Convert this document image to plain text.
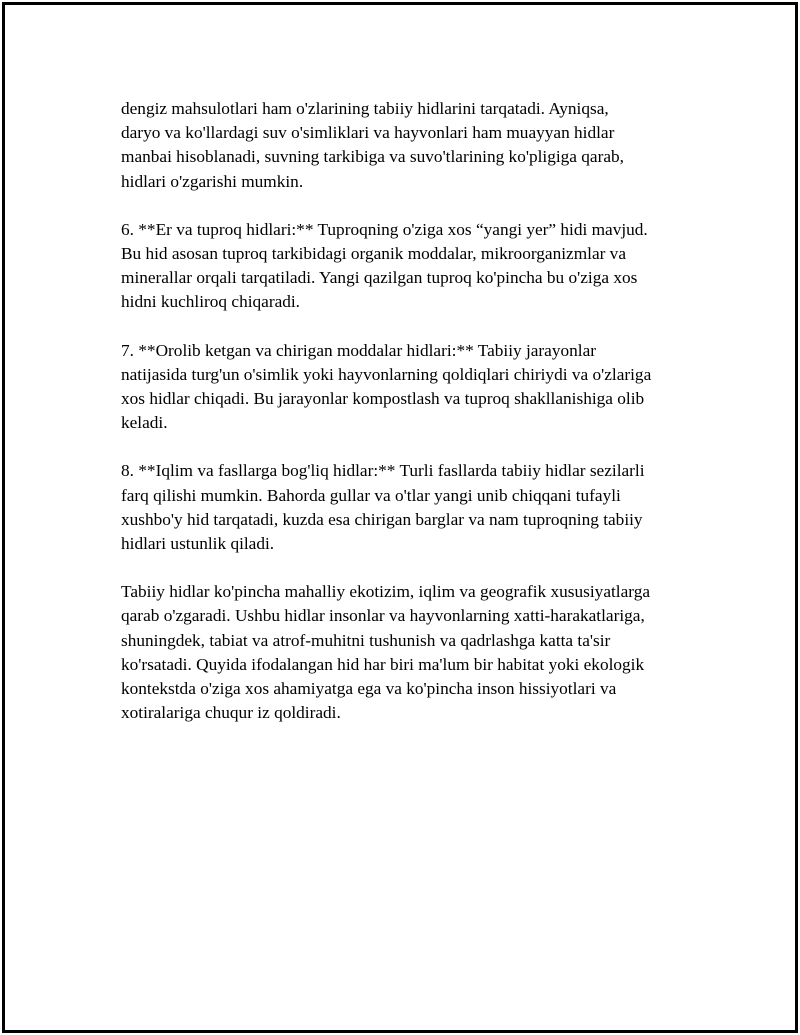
dengiz mahsulotlari ham o'zlarining tabiiy hidlarini tarqatadi. Ayniqsa,
daryo va ko'llardagi suv o'simliklari va hayvonlari ham muayyan hidlar
manbai hisoblanadi, suvning tarkibiga va suvo'tlarining ko'pligiga qarab,
hidlari o'zgarishi mumkin.

6. **Er va tuproq hidlari:** Tuproqning o'ziga xos “yangi yer” hidi mavjud.
Bu hid asosan tuproq tarkibidagi organik moddalar, mikroorganizmlar va
minerallar orqali tarqatiladi. Yangi qazilgan tuproq ko'pincha bu o'ziga xos
hidni kuchliroq chiqaradi.

7. **Orolib ketgan va chirigan moddalar hidlari:** Tabiiy jarayonlar
natijasida turg'un o'simlik yoki hayvonlarning qoldiqlari chiriydi va o'zlariga
xos hidlar chiqadi. Bu jarayonlar kompostlash va tuproq shakllanishiga olib
keladi.

8. **Iqlim va fasllarga bog'liq hidlar:** Turli fasllarda tabiiy hidlar sezilarli
farq qilishi mumkin. Bahorda gullar va o'tlar yangi unib chiqqani tufayli
xushbo'y hid tarqatadi, kuzda esa chirigan barglar va nam tuproqning tabiiy
hidlari ustunlik qiladi.

Tabiiy hidlar ko'pincha mahalliy ekotizim, iqlim va geografik xususiyatlarga
qarab o'zgaradi. Ushbu hidlar insonlar va hayvonlarning xatti-harakatlariga,
shuningdek, tabiat va atrof-muhitni tushunish va qadrlashga katta ta'sir
ko'rsatadi. Quyida ifodalangan hid har biri ma'lum bir habitat yoki ekologik
kontekstda o'ziga xos ahamiyatga ega va ko'pincha inson hissiyotlari va
xotiralariga chuqur iz qoldiradi.
